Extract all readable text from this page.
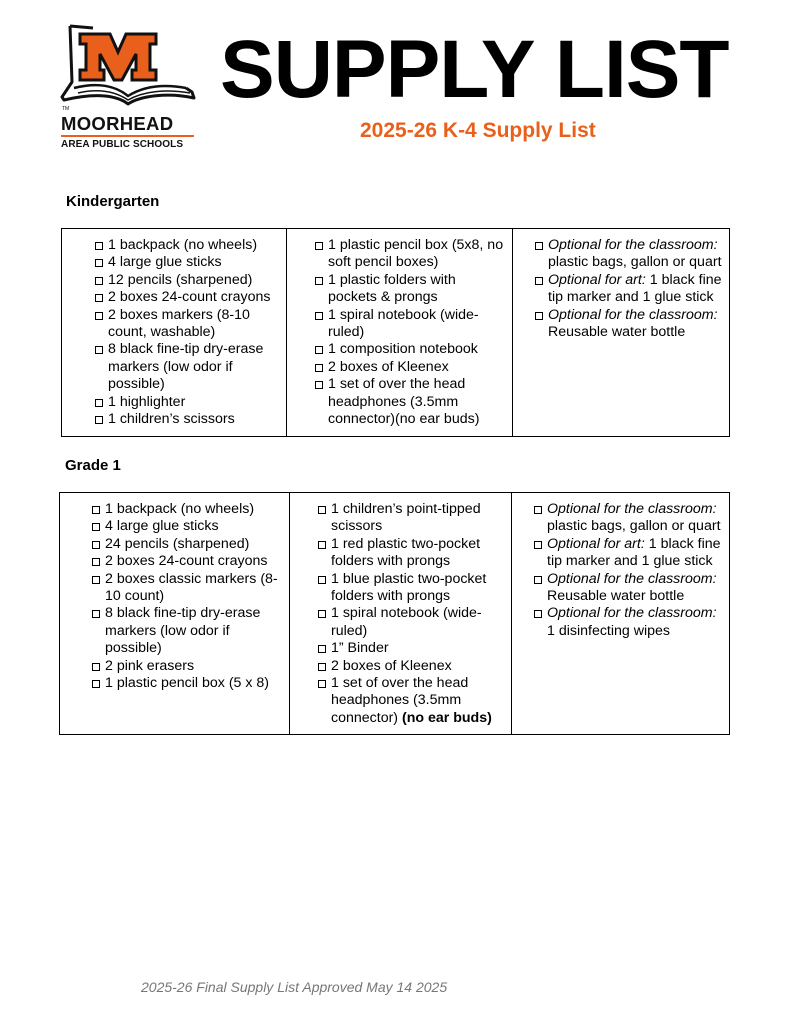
TM
MOORHEAD
AREA PUBLIC SCHOOLS
SUPPLY LIST
2025-26 K-4 Supply List
Kindergarten
1 backpack (no wheels)
4 large glue sticks
12 pencils (sharpened)
2 boxes 24-count crayons
2 boxes markers (8-10 count, washable)
8 black fine-tip dry-erase markers (low odor if possible)
1 highlighter
1 children’s scissors

1 plastic pencil box (5x8, no soft pencil boxes)
1 plastic folders with pockets & prongs
1 spiral notebook (wide-ruled)
1 composition notebook
2 boxes of Kleenex
1 set of over the head headphones (3.5mm connector)(no ear buds)

Optional for the classroom: plastic bags, gallon or quart
Optional for art: 1 black fine tip marker and 1 glue stick
Optional for the classroom: Reusable water bottle
Grade 1
1 backpack (no wheels)
4 large glue sticks
24 pencils (sharpened)
2 boxes 24-count crayons
2 boxes classic markers (8-10 count)
8 black fine-tip dry-erase markers (low odor if possible)
2 pink erasers
1 plastic pencil box (5 x 8)

1 children’s point-tipped scissors
1 red plastic two-pocket folders with prongs
1 blue plastic two-pocket folders with prongs
1 spiral notebook (wide-ruled)
1” Binder
2 boxes of Kleenex
1 set of over the head headphones (3.5mm connector) (no ear buds)

Optional for the classroom: plastic bags, gallon or quart
Optional for art: 1 black fine tip marker and 1 glue stick
Optional for the classroom: Reusable water bottle
Optional for the classroom: 1 disinfecting wipes
2025-26 Final Supply List Approved May 14 2025
